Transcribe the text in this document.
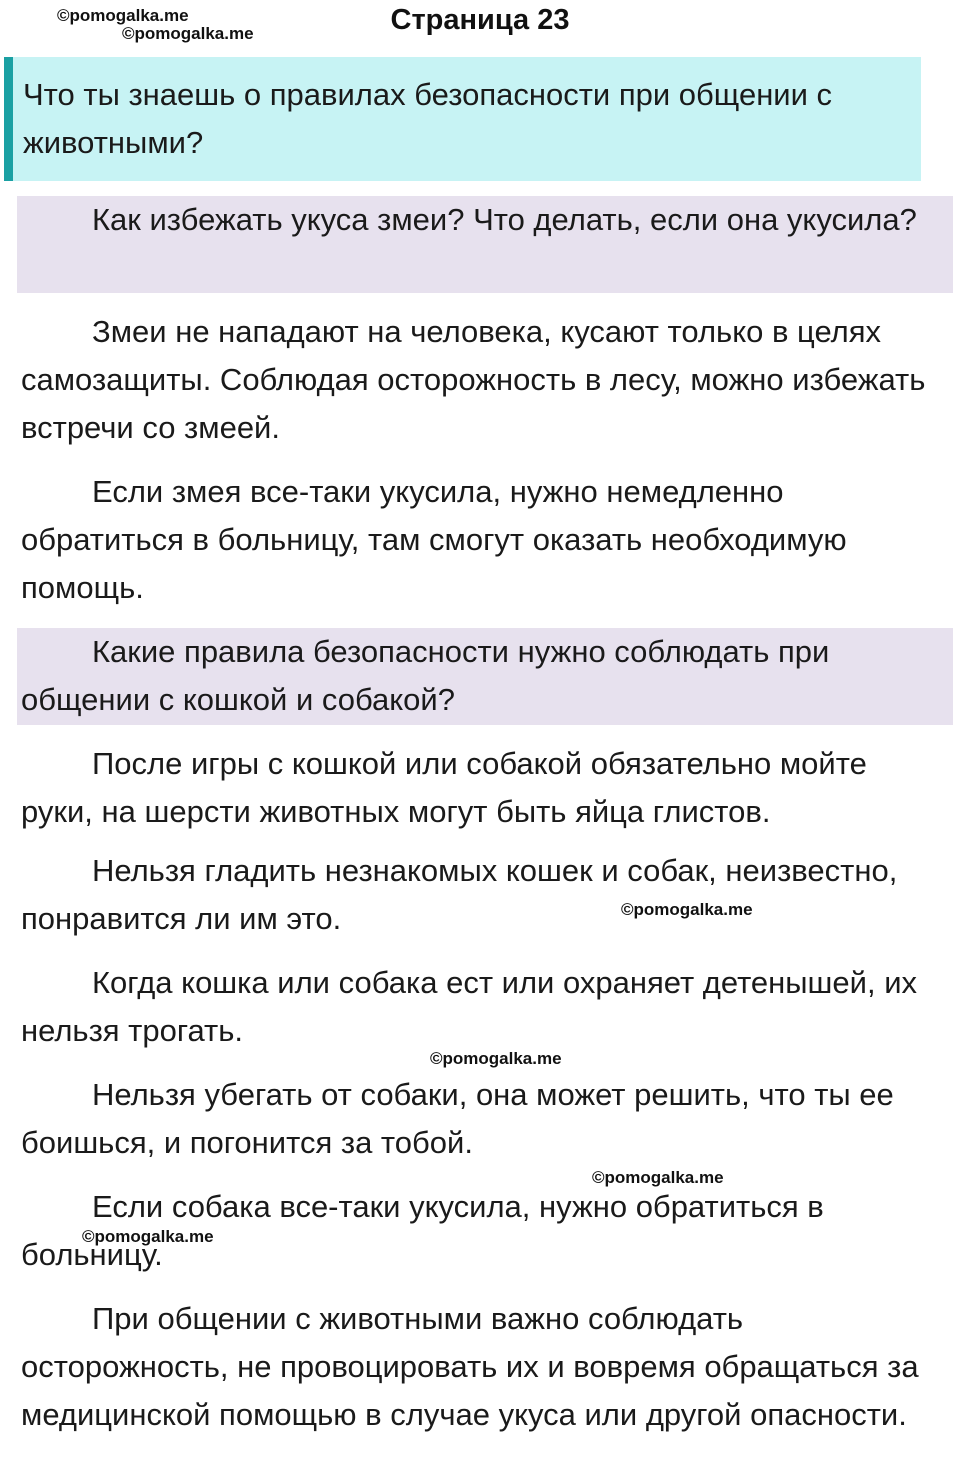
Страница 23
©pomogalka.me
©pomogalka.me
Что ты знаешь о правилах безопасности при общении с животными?
Как избежать укуса змеи? Что делать, если она укусила?
Змеи не нападают на человека, кусают только в целях самозащиты. Соблюдая осторожность в лесу, можно избежать встречи со змеей.
Если змея все-таки укусила, нужно немедленно обратиться в больницу, там смогут оказать необходимую помощь.
Какие правила безопасности нужно соблюдать при общении с кошкой и собакой?
После игры с кошкой или собакой обязательно мойте руки, на шерсти животных могут быть яйца глистов.
Нельзя гладить незнакомых кошек и собак, неизвестно, понравится ли им это.	©pomogalka.me
Когда кошка или собака ест или охраняет детенышей, их нельзя трогать.
©pomogalka.me
Нельзя убегать от собаки, она может решить, что ты ее боишься, и погонится за тобой.
©pomogalka.me
Если собака все-таки укусила, нужно обратиться в больницу.
©pomogalka.me
При общении с животными важно соблюдать осторожность, не провоцировать их и вовремя обращаться за медицинской помощью в случае укуса или другой опасности.
